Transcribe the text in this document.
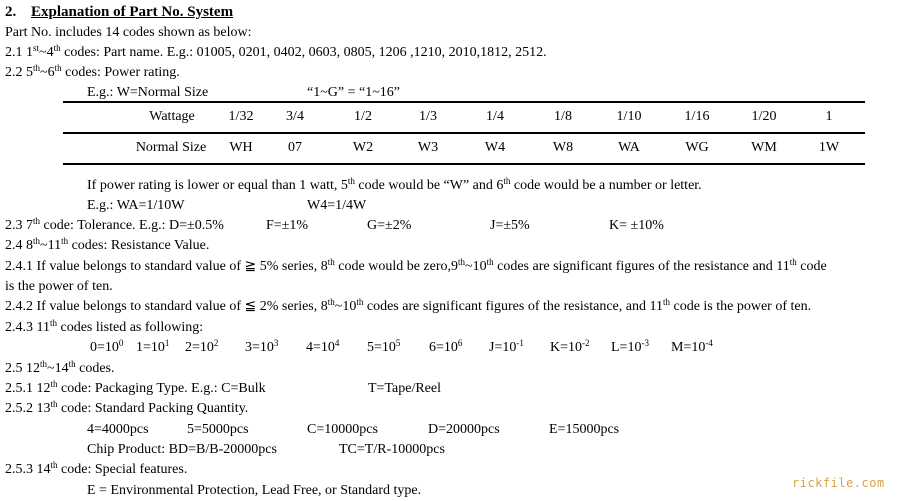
2. Explanation of Part No. System
Part No. includes 14 codes shown as below:
2.1 1st~4th codes: Part name. E.g.: 01005, 0201, 0402, 0603, 0805, 1206 ,1210, 2010,1812, 2512.
2.2 5th~6th codes: Power rating.
E.g.: W=Normal Size	“1~G” = “1~16”
Wattage 1/32 3/4	1/2	1/3	1/4	1/8	1/10	1/16	1/20	1
Normal Size WH	07	W2	W3	W4	W8	WA	WG	WM	1W
If power rating is lower or equal than 1 watt, 5th code would be “W” and 6th code would be a number or letter.
E.g.: WA=1/10W	W4=1/4W
2.3 7th code: Tolerance. E.g.: D=±0.5%	F=±1%	G=±2%	J=±5%	K= ±10%
2.4 8th~11th codes: Resistance Value.
2.4.1 If value belongs to standard value of ≧ 5% series, 8th code would be zero,9th~10th codes are significant figures of the resistance and 11th code
is the power of ten.
2.4.2 If value belongs to standard value of ≦ 2% series, 8th~10th codes are significant figures of the resistance, and 11th code is the power of ten.
2.4.3 11th codes listed as following:
$0=10^0$ $1=10^1$ $2=10^2$ $3=10^3$ $4=10^4$ $5=10^5$ $6=10^6$ $J=10^{-1}$ $K=10^{-2}$ $L=10^{-3}$ $M=10^{-4}$
2.5 12th~14th codes.
2.5.1 12th code: Packaging Type. E.g.: C=Bulk	T=Tape/Reel
2.5.2 13th code: Standard Packing Quantity.
4=4000pcs	5=5000pcs	C=10000pcs	D=20000pcs	E=15000pcs
Chip Product: BD=B/B-20000pcs	TC=T/R-10000pcs
2.5.3 14th code: Special features.
E = Environmental Protection, Lead Free, or Standard type.	rickfile.com
